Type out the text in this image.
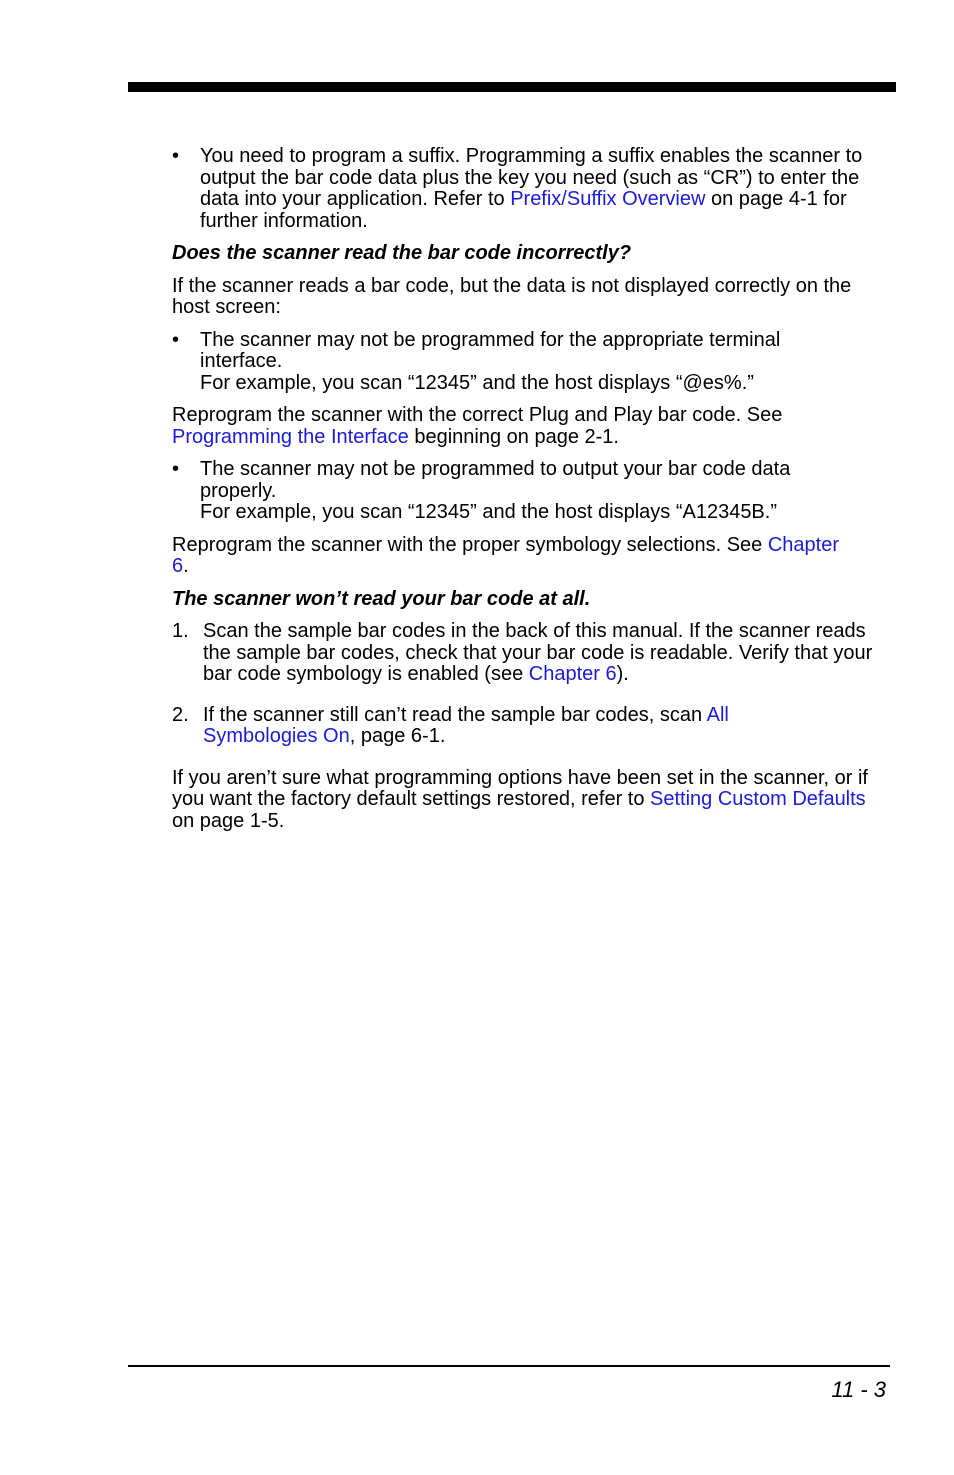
• You need to program a suffix. Programming a suffix enables the scanner to output the bar code data plus the key you need (such as “CR”) to enter the data into your application. Refer to Prefix/Suffix Overview on page 4-1 for further information.

Does the scanner read the bar code incorrectly?

If the scanner reads a bar code, but the data is not displayed correctly on the host screen:

• The scanner may not be programmed for the appropriate terminal interface.

For example, you scan “12345” and the host displays “@es%.”

Reprogram the scanner with the correct Plug and Play bar code. See Programming the Interface beginning on page 2-1.

• The scanner may not be programmed to output your bar code data properly.

For example, you scan “12345” and the host displays “A12345B.”

Reprogram the scanner with the proper symbology selections. See Chapter 6.

The scanner won’t read your bar code at all.

1. Scan the sample bar codes in the back of this manual. If the scanner reads the sample bar codes, check that your bar code is readable. Verify that your bar code symbology is enabled (see Chapter 6).

2. If the scanner still can’t read the sample bar codes, scan All Symbologies On, page 6-1.

If you aren’t sure what programming options have been set in the scanner, or if you want the factory default settings restored, refer to Setting Custom Defaults on page 1-5.

11 - 3
